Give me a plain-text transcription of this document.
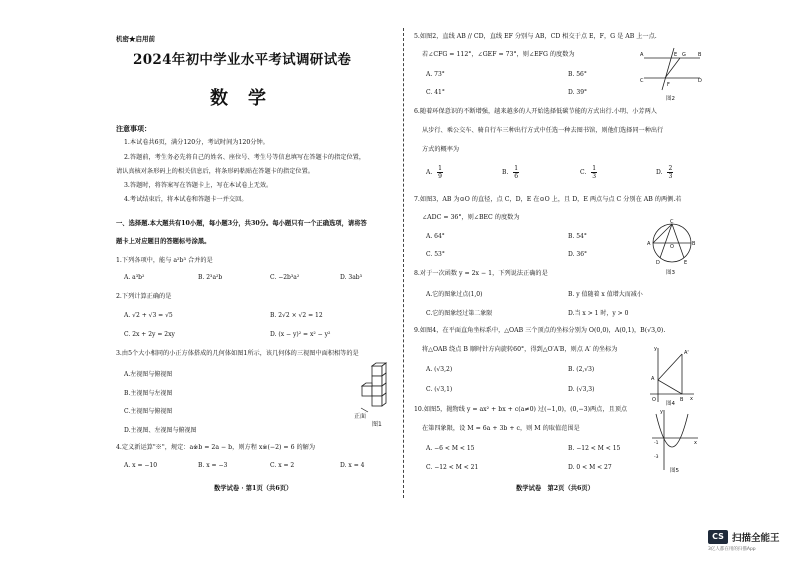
机密★启用前
2024年初中学业水平考试调研试卷
数学
注意事项：
1.本试卷共6页，满分120分，考试时间为120分钟。
2.答题前，考生务必先将自己的姓名、座位号、考生号等信息填写在答题卡的指定位置，
请认真核对条形码上的相关信息后，将条形码粘贴在答题卡的指定位置。
3.答题时，将答案写在答题卡上，写在本试卷上无效。
4.考试结束后，将本试卷和答题卡一并交回。
一、选择题.本大题共有10小题，每小题3分，共30分。每小题只有一个正确选项，请将答
题卡上对应题目的答题标号涂黑。
1.下列各项中，能与 a²b³ 合并的是
A. a³b²	B. 2³a²b	C. −2b³a²	D. 3ab³
2.下列计算正确的是
A. √2 + √3 = √5	B. 2√2 × √2 = 12
C. 2x + 2y = 2xy	D. (x − y)² = x² − y²
3.由5个大小相同的小正方体搭成的几何体如图1所示，该几何体的三视图中面积相等的是
A.左视图与俯视图
B.主视图与左视图
C.主视图与俯视图
D.主视图、左视图与俯视图
正面
图1
4.定义新运算"※"，规定：a※b = 2a − b，则方程 x※(−2) = 6 的解为
A. x = −10	B. x = −3	C. x = 2	D. x = 4
数学试卷 · 第1页（共6页）
5.如图2，直线 AB // CD，直线 EF 分别与 AB，CD 相交于点 E，F，G 是 AB 上一点.
若∠CFG = 112°，∠GEF = 73°，则∠EFG 的度数为
A. 73°	B. 56°
C. 41°	D. 39°
A	B
C	D
E G
F
图2
6.随着环保意识的不断增强，越来越多的人开始选择低碳节能的方式出行.小明、小芳两人
从步行、乘公交车、骑自行车三种出行方式中任选一种去图书馆，则他们选择同一种出行
方式的概率为
A. $\frac{1}{9}$	B. $\frac{1}{6}$	C. $\frac{1}{3}$	D. $\frac{2}{3}$
7.如图3，AB 为⊙O 的直径，点 C，D，E 在⊙O 上，且 D，E 两点与点 C 分别在 AB 的两侧.若
∠ADC = 36°，则∠BEC 的度数为
A. 64°	B. 54°
C. 53°	D. 36°
C
A	B
O
D	E
图3
8.对于一次函数 y = 2x − 1，下列说法正确的是
A.它的图象过点(1,0)	B. y 值随着 x 值增大而减小
C.它的图象经过第二象限	D.当 x > 1 时，y > 0
9.如图4，在平面直角坐标系中，△OAB 三个顶点的坐标分别为 O(0,0)，A(0,1)，B(√3,0).
将△OAB 绕点 B 顺时针方向旋转60°，得到△O′A′B，则点 A′ 的坐标为
A. (√3,2)	B. (2,√3)
C. (√3,1)	D. (√3,3)
y
x
A'
A
O	B
图4
10.如图5，抛物线 y = ax² + bx + c(a≠0) 过(−1,0)，(0,−3)两点，且顶点
在第四象限，设 M = 6a + 3b + c，则 M 的取值范围是
A. −6 < M < 15	B. −12 < M < 15
C. −12 < M < 21	D. 0 < M < 27
y
x
-1
-3
图5
数学试卷　第2页（共6页）
CS 扫描全能王
3亿人都在用的扫描App
